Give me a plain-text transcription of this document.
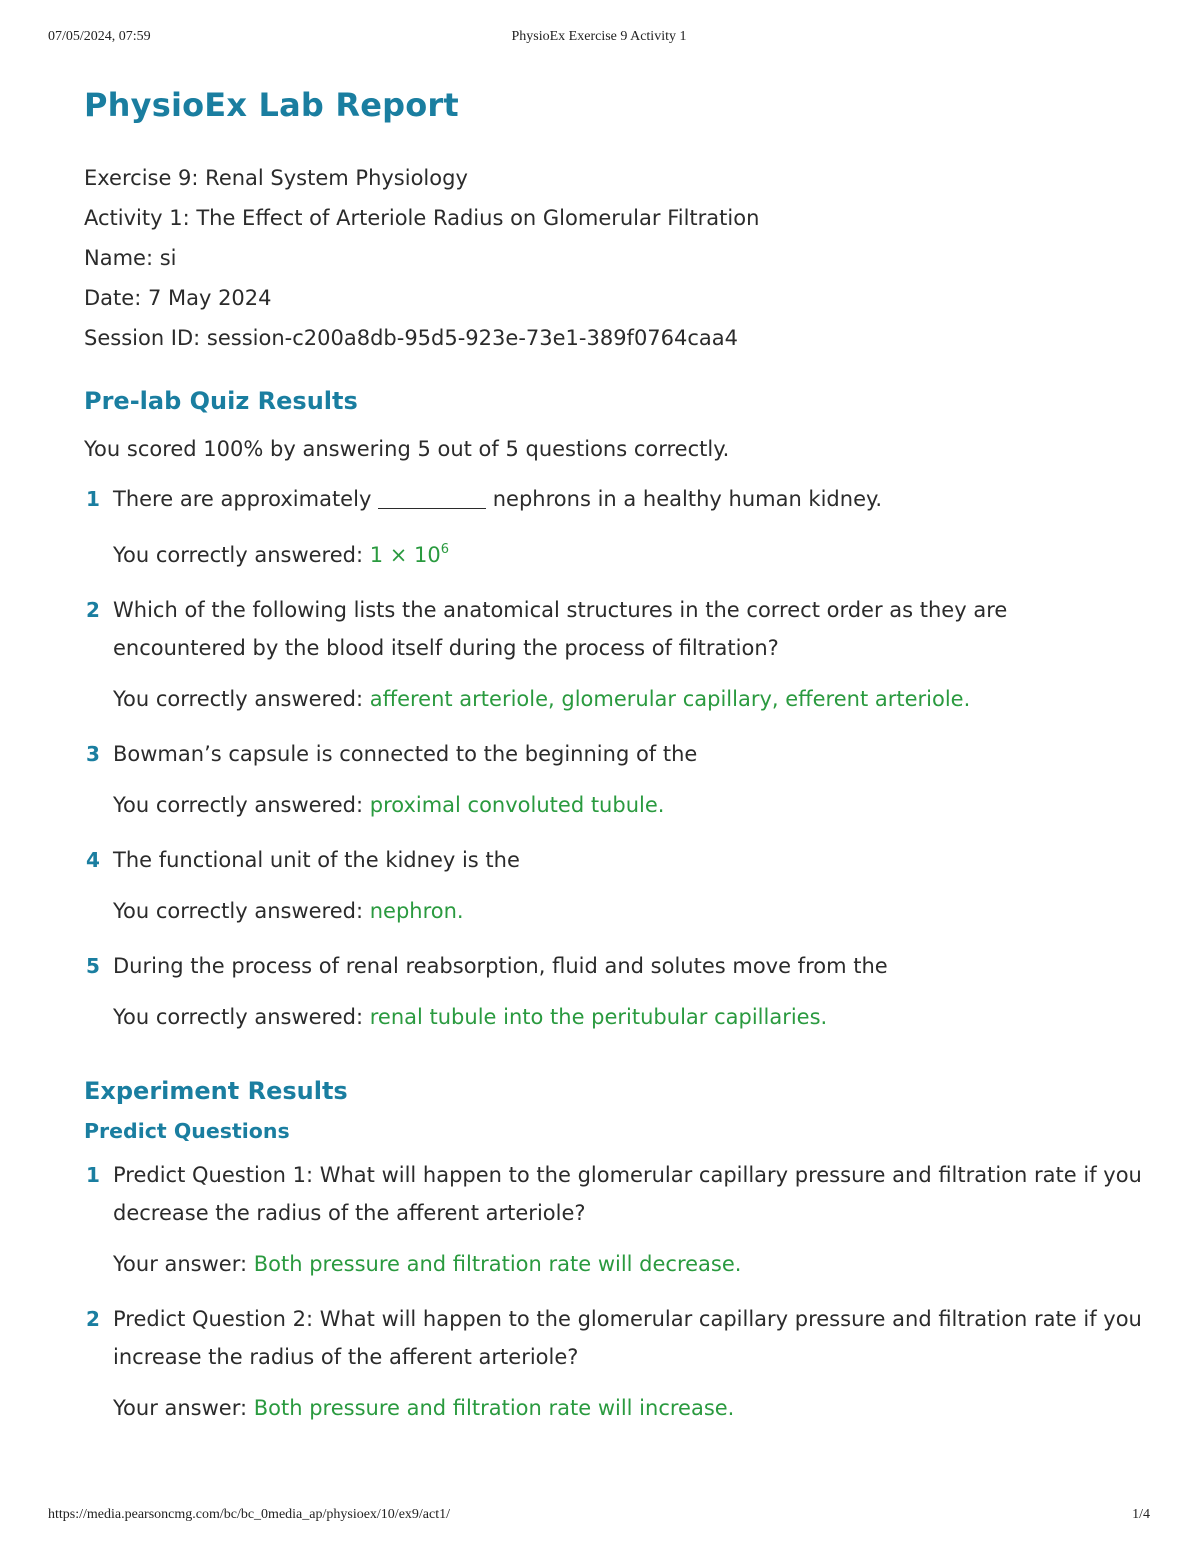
07/05/2024, 07:59	PhysioEx Exercise 9 Activity 1
PhysioEx Lab Report
Exercise 9: Renal System Physiology
Activity 1: The Effect of Arteriole Radius on Glomerular Filtration
Name: si
Date: 7 May 2024
Session ID: session-c200a8db-95d5-923e-73e1-389f0764caa4
Pre-lab Quiz Results
You scored 100% by answering 5 out of 5 questions correctly.
1 There are approximately	nephrons in a healthy human kidney.
You correctly answered: $1 \times 10^6$
2 Which of the following lists the anatomical structures in the correct order as they are encountered by the blood itself during the process of filtration?
You correctly answered: afferent arteriole, glomerular capillary, efferent arteriole.
3 Bowman’s capsule is connected to the beginning of the
You correctly answered: proximal convoluted tubule.
4 The functional unit of the kidney is the
You correctly answered: nephron.
5 During the process of renal reabsorption, fluid and solutes move from the
You correctly answered: renal tubule into the peritubular capillaries.
Experiment Results
Predict Questions
1 Predict Question 1: What will happen to the glomerular capillary pressure and filtration rate if you decrease the radius of the afferent arteriole?
Your answer: Both pressure and filtration rate will decrease.
2 Predict Question 2: What will happen to the glomerular capillary pressure and filtration rate if you increase the radius of the afferent arteriole?
Your answer: Both pressure and filtration rate will increase.
https://media.pearsoncmg.com/bc/bc_0media_ap/physioex/10/ex9/act1/	1/4
